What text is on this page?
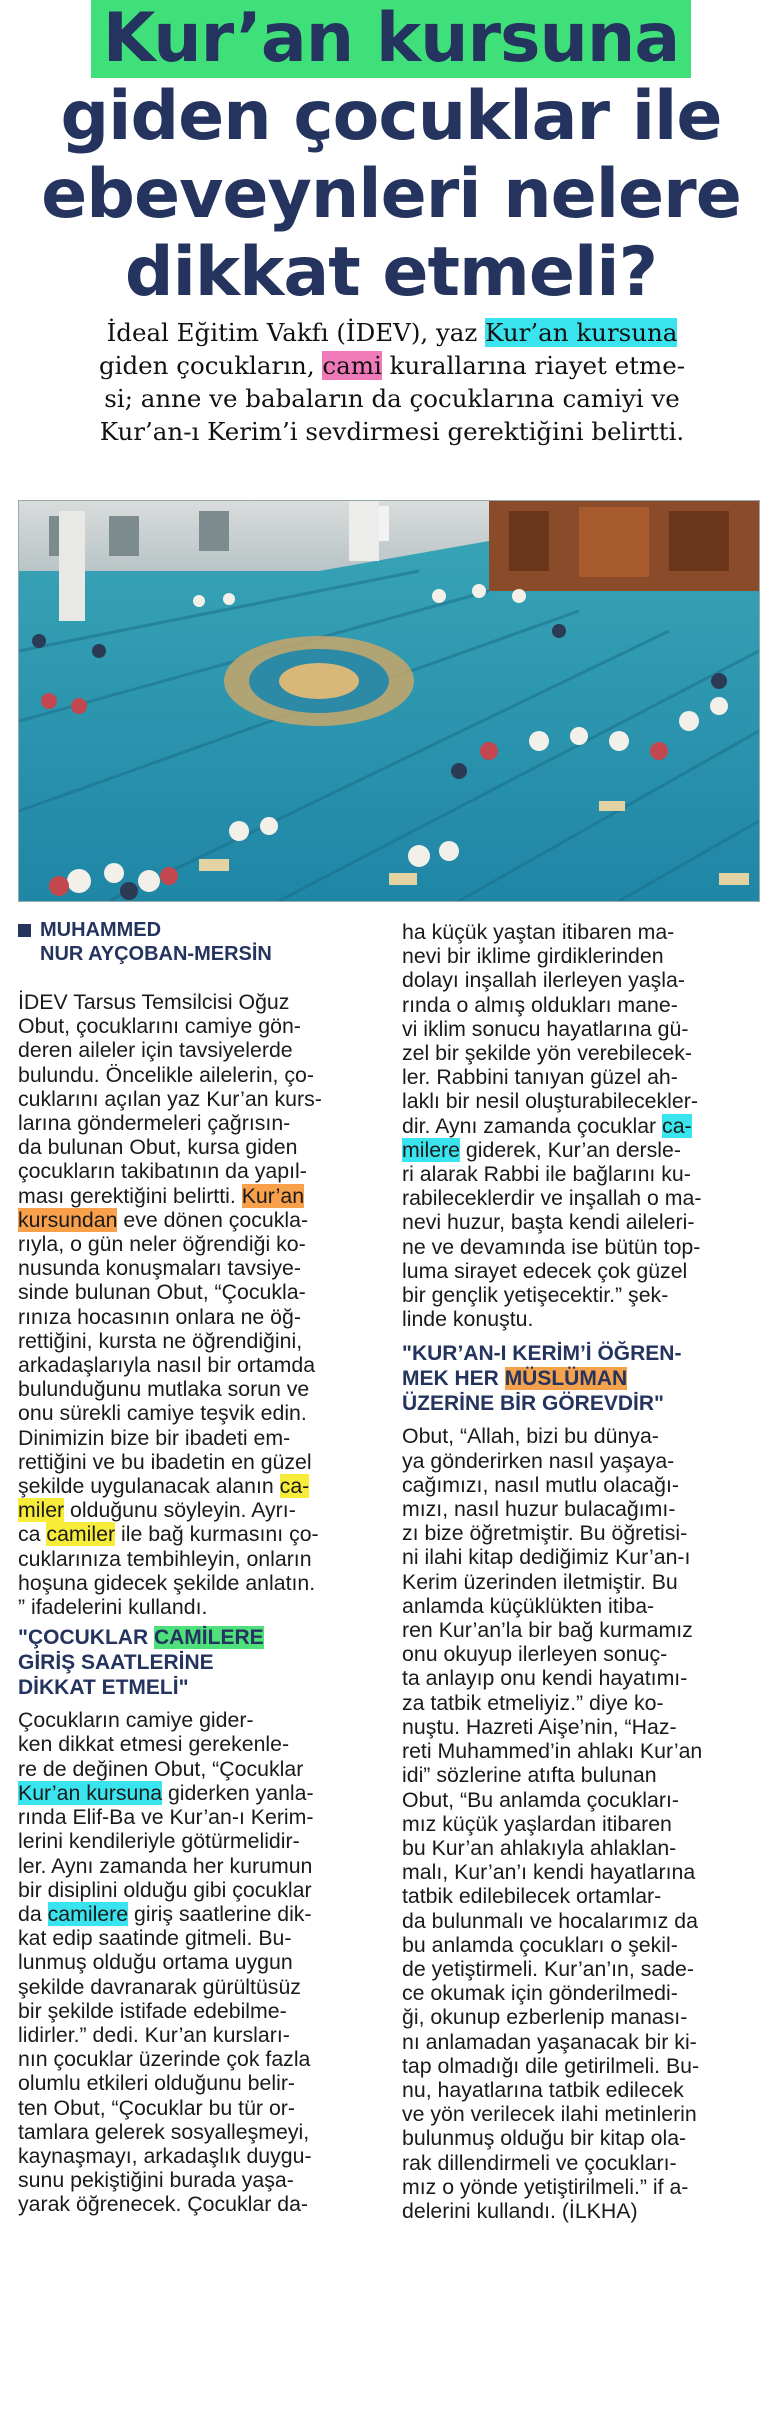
Kur’an kursuna
giden çocuklar ile
ebeveynleri nelere
dikkat etmeli?
İdeal Eğitim Vakfı (İDEV), yaz Kur’an kursuna
giden çocukların, cami kurallarına riayet etme-
si; anne ve babaların da çocuklarına camiyi ve
Kur’an-ı Kerim’i sevdirmesi gerektiğini belirtti.
MUHAMMED
NUR AYÇOBAN-MERSİN

İDEV Tarsus Temsilcisi Oğuz
Obut, çocuklarını camiye gön-
deren aileler için tavsiyelerde
bulundu. Öncelikle ailelerin, ço-
cuklarını açılan yaz Kur’an kurs-
larına göndermeleri çağrısın-
da bulunan Obut, kursa giden
çocukların takibatının da yapıl-
ması gerektiğini belirtti. Kur’an
kursundan eve dönen çocukla-
rıyla, o gün neler öğrendiği ko-
nusunda konuşmaları tavsiye-
sinde bulunan Obut, “Çocukla-
rınıza hocasının onlara ne öğ-
rettiğini, kursta ne öğrendiğini,
arkadaşlarıyla nasıl bir ortamda
bulunduğunu mutlaka sorun ve
onu sürekli camiye teşvik edin.
Dinimizin bize bir ibadeti em-
rettiğini ve bu ibadetin en güzel
şekilde uygulanacak alanın ca-
miler olduğunu söyleyin. Ayrı-
ca camiler ile bağ kurmasını ço-
cuklarınıza tembihleyin, onların
hoşuna gidecek şekilde anlatın.
” ifadelerini kullandı.

"ÇOCUKLAR CAMİLERE
GİRİŞ SAATLERİNE
DİKKAT ETMELİ"

Çocukların camiye gider-
ken dikkat etmesi gerekenle-
re de değinen Obut, “Çocuklar
Kur’an kursuna giderken yanla-
rında Elif-Ba ve Kur’an-ı Kerim-
lerini kendileriyle götürmelidir-
ler. Aynı zamanda her kurumun
bir disiplini olduğu gibi çocuklar
da camilere giriş saatlerine dik-
kat edip saatinde gitmeli. Bu-
lunmuş olduğu ortama uygun
şekilde davranarak gürültüsüz
bir şekilde istifade edebilme-
lidirler.” dedi. Kur’an kursları-
nın çocuklar üzerinde çok fazla
olumlu etkileri olduğunu belir-
ten Obut, “Çocuklar bu tür or-
tamlara gelerek sosyalleşmeyi,
kaynaşmayı, arkadaşlık duygu-
sunu pekiştiğini burada yaşa-
yarak öğrenecek. Çocuklar da-

ha küçük yaştan itibaren ma-
nevi bir iklime girdiklerinden
dolayı inşallah ilerleyen yaşla-
rında o almış oldukları mane-
vi iklim sonucu hayatlarına gü-
zel bir şekilde yön verebilecek-
ler. Rabbini tanıyan güzel ah-
laklı bir nesil oluşturabilecekler-
dir. Aynı zamanda çocuklar ca-
milere giderek, Kur’an dersle-
ri alarak Rabbi ile bağlarını ku-
rabileceklerdir ve inşallah o ma-
nevi huzur, başta kendi aileleri-
ne ve devamında ise bütün top-
luma sirayet edecek çok güzel
bir gençlik yetişecektir.” şek-
linde konuştu.

"KUR’AN-I KERİM’İ ÖĞREN-
MEK HER MÜSLÜMAN
ÜZERİNE BİR GÖREVDİR"

Obut, “Allah, bizi bu dünya-
ya gönderirken nasıl yaşaya-
cağımızı, nasıl mutlu olacağı-
mızı, nasıl huzur bulacağımı-
zı bize öğretmiştir. Bu öğretisi-
ni ilahi kitap dediğimiz Kur’an-ı
Kerim üzerinden iletmiştir. Bu
anlamda küçüklükten itiba-
ren Kur’an’la bir bağ kurmamız
onu okuyup ilerleyen sonuç-
ta anlayıp onu kendi hayatımı-
za tatbik etmeliyiz.” diye ko-
nuştu. Hazreti Aişe’nin, “Haz-
reti Muhammed’in ahlakı Kur’an
idi” sözlerine atıfta bulunan
Obut, “Bu anlamda çocukları-
mız küçük yaşlardan itibaren
bu Kur’an ahlakıyla ahlaklan-
malı, Kur’an’ı kendi hayatlarına
tatbik edilebilecek ortamlar-
da bulunmalı ve hocalarımız da
bu anlamda çocukları o şekil-
de yetiştirmeli. Kur’an’ın, sade-
ce okumak için gönderilmedi-
ği, okunup ezberlenip manası-
nı anlamadan yaşanacak bir ki-
tap olmadığı dile getirilmeli. Bu-
nu, hayatlarına tatbik edilecek
ve yön verilecek ilahi metinlerin
bulunmuş olduğu bir kitap ola-
rak dillendirmeli ve çocukları-
mız o yönde yetiştirilmeli.” if a-
delerini kullandı. (İLKHA)
